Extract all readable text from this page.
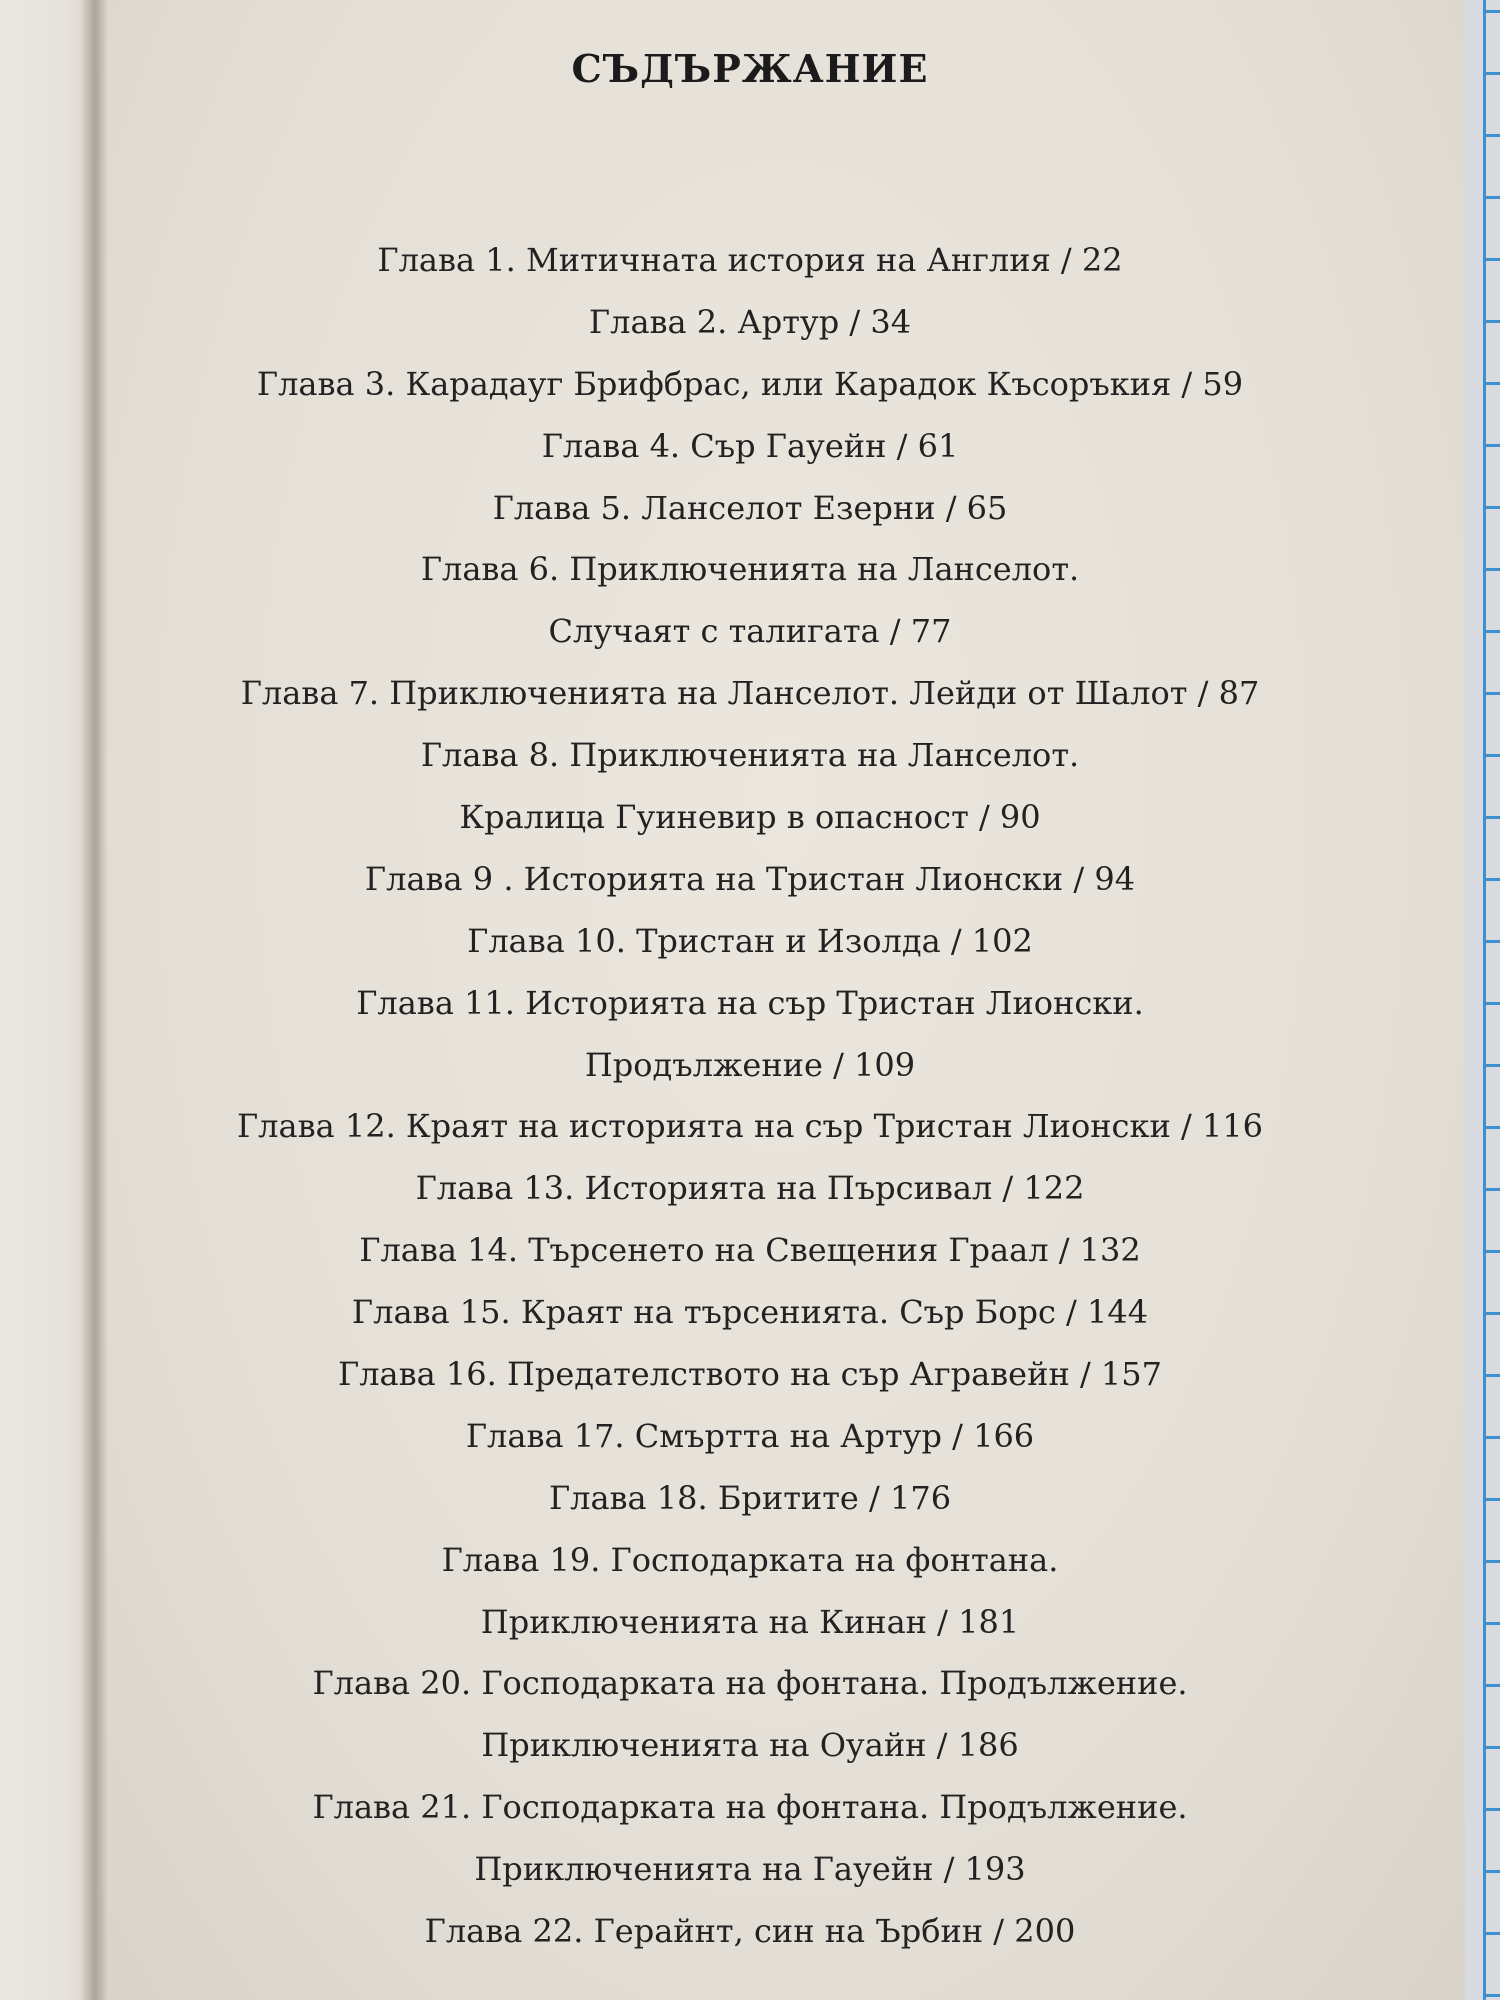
СЪДЪРЖАНИЕ
Глава 1. Митичната история на Англия / 22
Глава 2. Артур / 34
Глава 3. Карадауг Брифбрас, или Карадок Късоръкия / 59
Глава 4. Сър Гауейн / 61
Глава 5. Ланселот Езерни / 65
Глава 6. Приключенията на Ланселот.
Случаят с талигата / 77
Глава 7. Приключенията на Ланселот. Лейди от Шалот / 87
Глава 8. Приключенията на Ланселот.
Кралица Гуиневир в опасност / 90
Глава 9 . Историята на Тристан Лионски / 94
Глава 10. Тристан и Изолда / 102
Глава 11. Историята на сър Тристан Лионски.
Продължение / 109
Глава 12. Краят на историята на сър Тристан Лионски / 116
Глава 13. Историята на Пърсивал / 122
Глава 14. Търсенето на Свещения Граал / 132
Глава 15. Краят на търсенията. Сър Борс / 144
Глава 16. Предателството на сър Агравейн / 157
Глава 17. Смъртта на Артур / 166
Глава 18. Бритите / 176
Глава 19. Господарката на фонтана.
Приключенията на Кинан / 181
Глава 20. Господарката на фонтана. Продължение.
Приключенията на Оуайн / 186
Глава 21. Господарката на фонтана. Продължение.
Приключенията на Гауейн / 193
Глава 22. Герайнт, син на Ърбин / 200
